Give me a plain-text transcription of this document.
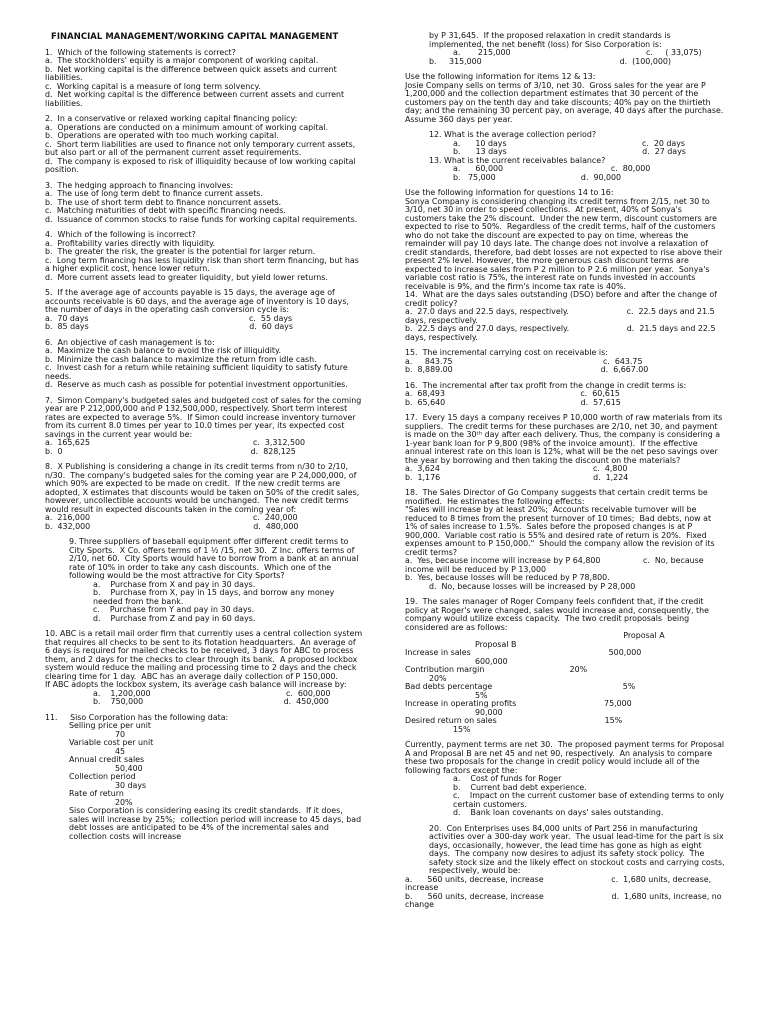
FINANCIAL MANAGEMENT/WORKING CAPITAL MANAGEMENT

1.  Which of the following statements is correct?

a.  The stockholders' equity is a major component of working capital.

b.  Net working capital is the difference between quick assets and current liabilities.

c.  Working capital is a measure of long term solvency.

d.  Net working capital is the difference between current assets and current liabilities.

2.  In a conservative or relaxed working capital financing policy:

a.  Operations are conducted on a minimum amount of working capital.

b.  Operations are operated with too much working capital.

c.  Short term liabilities are used to finance not only temporary current assets, but also part or all of the permanent current asset requirements.

d.  The company is exposed to risk of illiquidity because of low working capital position.

3.  The hedging approach to financing involves:

a.  The use of long term debt to finance current assets.

b.  The use of short term debt to finance noncurrent assets.

c.  Matching maturities of debt with specific financing needs.

d.  Issuance of common stocks to raise funds for working capital requirements.

4.  Which of the following is incorrect?

a.  Profitability varies directly with liquidity.

b.  The greater the risk, the greater is the potential for larger return.

c.  Long term financing has less liquidity risk than short term financing, but has a higher explicit cost, hence lower return.

d.  More current assets lead to greater liquidity, but yield lower returns.

5.  If the average age of accounts payable is 15 days, the average age of accounts receivable is 60 days, and the average age of inventory is 10 days, the number of days in the operating cash conversion cycle is:

a.  70 days                                                                c.  55 days

b.  85 days                                                                d.  60 days

6.  An objective of cash management is to:

a.  Maximize the cash balance to avoid the risk of illiquidity.

b.  Minimize the cash balance to maximize the return from idle cash.

c.  Invest cash for a return while retaining sufficient liquidity to satisfy future needs.

d.  Reserve as much cash as possible for potential investment opportunities.

7.  Simon Company's budgeted sales and budgeted cost of sales for the coming year are P 212,000,000 and P 132,500,000, respectively. Short term interest rates are expected to average 5%.  If Simon could increase inventory turnover from its current 8.0 times per year to 10.0 times per year, its expected cost savings in the current year would be:

a.  165,625                                                                 c.  3,312,500

b.  0                                                                           d.  828,125

8.  X Publishing is considering a change in its credit terms from n/30 to 2/10, n/30.  The company's budgeted sales for the coming year are P 24,000,000, of which 90% are expected to be made on credit.  If the new credit terms are adopted, X estimates that discounts would be taken on 50% of the credit sales, however, uncollectible accounts would be unchanged.  The new credit terms would result in expected discounts taken in the coming year of:

a.  216,000                                                                 c.  240,000

b.  432,000                                                                 d.  480,000

9. Three suppliers of baseball equipment offer different credit terms to City Sports.  X Co. offers terms of 1 ½ /15, net 30.  Z Inc. offers terms of 2/10, net 60.  City Sports would have to borrow from a bank at an annual rate of 10% in order to take any cash discounts.  Which one of the following would be the most attractive for City Sports?

a.    Purchase from X and pay in 30 days.

b.    Purchase from X, pay in 15 days, and borrow any money needed from the bank.

c.    Purchase from Y and pay in 30 days.

d.    Purchase from Z and pay in 60 days.

10. ABC is a retail mail order firm that currently uses a central collection system that requires all checks to be sent to its flotation headquarters.  An average of 6 days is required for mailed checks to be received, 3 days for ABC to process them, and 2 days for the checks to clear through its bank.  A proposed lockbox system would reduce the mailing and processing time to 2 days and the check clearing time for 1 day.  ABC has an average daily collection of P 150,000.

If ABC adopts the lockbox system, its average cash balance will increase by:

a.    1,200,000                                                      c.  600,000

b.    750,000                                                        d.  450,000

11.     Siso Corporation has the following data:

Selling price per unit

70

Variable cost per unit

45

Annual credit sales

50,400

Collection period

30 days

Rate of return

20%

Siso Corporation is considering easing its credit standards.  If it does, sales will increase by 25%;  collection period will increase to 45 days, bad debt losses are anticipated to be 4% of the incremental sales and collection costs will increase

by P 31,645.  If the proposed relaxation in credit standards is implemented, the net benefit (loss) for Siso Corporation is:

a.       215,000                                                      c.     ( 33,075)

b.     315,000                                                       d.  (100,000)

Use the following information for items 12 & 13:

Josie Company sells on terms of 3/10, net 30.  Gross sales for the year are P 1,200,000 and the collection department estimates that 30 percent of the customers pay on the tenth day and take discounts; 40% pay on the thirtieth day; and the remaining 30 percent pay, on average, 40 days after the purchase.  Assume 360 days per year.

12. What is the average collection period?

a.      10 days                                                      c.  20 days

b.      13 days                                                      d.  27 days

13. What is the current receivables balance?

a.      60,000                                           c.  80,000

b.   75,000                                  d.  90,000

Use the following information for questions 14 to 16:

Sonya Company is considering changing its credit terms from 2/15, net 30 to 3/10, net 30 in order to speed collections.  At present, 40% of Sonya's customers take the 2% discount.  Under the new term, discount customers are expected to rise to 50%.  Regardless of the credit terms, half of the customers who do not take the discount are expected to pay on time, whereas the remainder will pay 10 days late. The change does not involve a relaxation of credit standards, therefore, bad debt losses are not expected to rise above their present 2% level. However, the more generous cash discount terms are expected to increase sales from P 2 million to P 2.6 million per year.  Sonya's variable cost ratio is 75%, the interest rate on funds invested in accounts receivable is 9%, and the firm's income tax rate is 40%.

14.  What are the days sales outstanding (DSO) before and after the change of credit policy?

a.  27.0 days and 22.5 days, respectively.                       c.  22.5 days and 21.5 days, respectively.

b.  22.5 days and 27.0 days, respectively.                       d.  21.5 days and 22.5 days, respectively.

15.  The incremental carrying cost on receivable is:

a.     843.75                                                            c.  643.75

b.  8,889.00                                                           d.  6,667.00

16.  The incremental after tax profit from the change in credit terms is:

a.  68,493                                                      c.  60,615

b.  65,640                                                      d.  57,615

17.  Every 15 days a company receives P 10,000 worth of raw materials from its suppliers.  The credit terms for these purchases are 2/10, net 30, and payment is made on the 30ᵗʰ day after each delivery. Thus, the company is considering a 1-year bank loan for P 9,800 (98% of the invoice amount).  If the effective annual interest rate on this loan is 12%, what will be the net peso savings over the year by borrowing and then taking the discount on the materials?

a.  3,624                                                             c.  4,800

b.  1,176                                                             d.  1,224

18.  The Sales Director of Go Company suggests that certain credit terms be modified.  He estimates the following effects:

"Sales will increase by at least 20%;  Accounts receivable turnover will be reduced to 8 times from the present turnover of 10 times;  Bad debts, now at 1% of sales increase to 1.5%.  Sales before the proposed changes is at P 900,000.  Variable cost ratio is 55% and desired rate of return is 20%.  Fixed expenses amount to P 150,000."  Should the company allow the revision of its credit terms?

a.  Yes, because income will increase by P 64,800                 c.  No, because income will be reduced by P 13,000

b.  Yes, because losses will be reduced by P 78,800.

d.  No, because losses will be increased by P 28,000

19.  The sales manager of Roger Company feels confident that, if the credit policy at Roger's were changed, sales would increase and, consequently, the company would utilize excess capacity.  The two credit proposals  being considered are as follows:

Proposal A

Proposal B

Increase in sales                                                       500,000

600,000

Contribution margin                                  20%

20%

Bad debts percentage                                                    5%

5%

Increase in operating profits                                   75,000

90,000

Desired return on sales                                           15%

15%

Currently, payment terms are net 30.  The proposed payment terms for Proposal A and Proposal B are net 45 and net 90, respectively.  An analysis to compare these two proposals for the change in credit policy would include all of the following factors except the:

a.    Cost of funds for Roger

b.    Current bad debt experience.

c.    Impact on the current customer base of extending terms to only certain customers.

d.    Bank loan covenants on days' sales outstanding.

20.  Con Enterprises uses 84,000 units of Part 256 in manufacturing activities over a 300-day work year.  The usual lead-time for the part is six days, occasionally, however, the lead time has gone as high as eight days.  The company now desires to adjust its safety stock policy.  The safety stock size and the likely effect on stockout costs and carrying costs, respectively, would be:

a.      560 units, decrease, increase                           c.  1,680 units, decrease, increase

b.      560 units, decrease, increase                           d.  1,680 units, increase, no change
